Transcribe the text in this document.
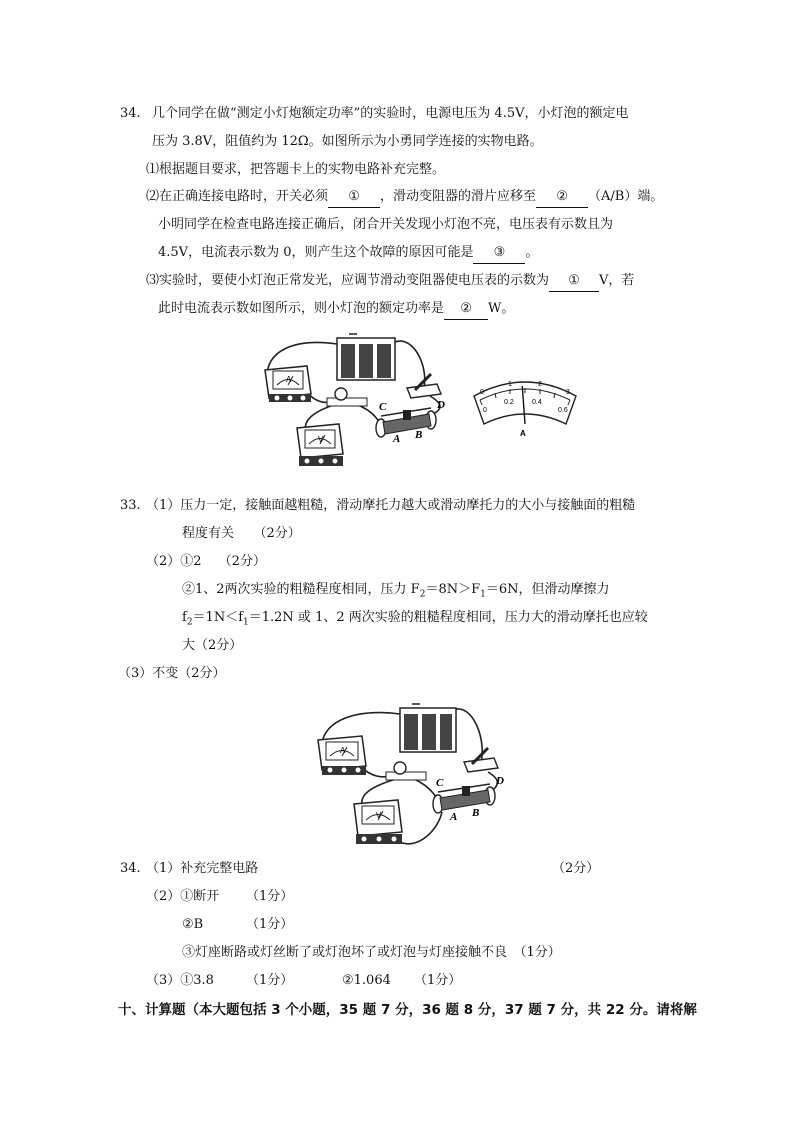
34. 几个同学在做“测定小灯炮额定功率”的实验时，电源电压为 4.5V，小灯泡的额定电
压为 3.8V，阻值约为 12Ω。如图所示为小勇同学连接的实物电路。
⑴根据题目要求，把答题卡上的实物电路补充完整。
⑵在正确连接电路时，开关必须 ① ，滑动变阻器的滑片应移至 ② （A/B）端。
小明同学在检查电路连接正确后，闭合开关发现小灯泡不亮，电压表有示数且为
4.5V，电流表示数为 0，则产生这个故障的原因可能是 ③ 。
⑶实验时，要使小灯泡正常发光，应调节滑动变阻器使电压表的示数为 ① V，若
此时电流表示数如图所示，则小灯泡的额定功率是 ② W。
A
V
C	D
A B
0
1	2
3
0
0.2	0.4
0.6
A
33. （1）压力一定，接触面越粗糙，滑动摩托力越大或滑动摩托力的大小与接触面的粗糙
程度有关　　（2分）
（2）①2　 （2分）
②1、2两次实验的粗糙程度相同，压力 $F_2=8N>F_1=6N$，但滑动摩擦力
$f_2=1N<f_1=1.2N$ 或 1、2 两次实验的粗糙程度相同，压力大的滑动摩托也应较
大（2分）
（3）不变（2分）
A
V
C	D
A B
34. （1）补充完整电路	（2分）
（2）①断开 （1分）
②B	（1分）
③灯座断路或灯丝断了或灯泡坏了或灯泡与灯座接触不良　（1分）
（3）①3.8 （1分）	②1.064 （1分）
十、计算题（本大题包括 3 个小题，35 题 7 分，36 题 8 分，37 题 7 分，共 22 分。请将解
